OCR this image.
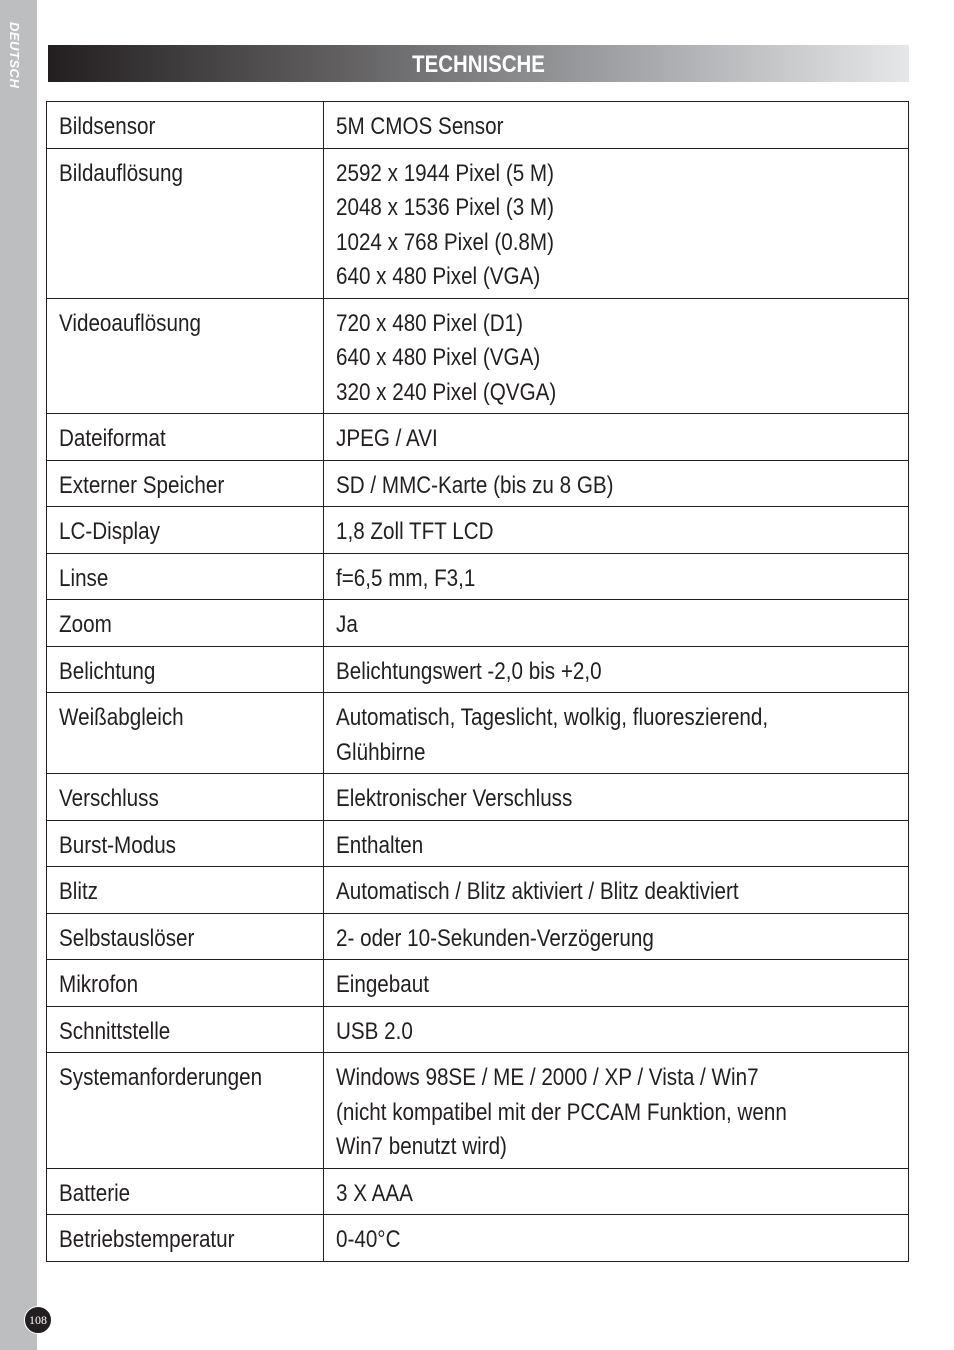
DEUTSCH	TECHNISCHE
Bildsensor	5M CMOS Sensor
Bildauflösung	2592 x 1944 Pixel (5 M)
2048 x 1536 Pixel (3 M)
1024 x 768 Pixel (0.8M)
640 x 480 Pixel (VGA)
Videoauflösung	720 x 480 Pixel (D1)
640 x 480 Pixel (VGA)
320 x 240 Pixel (QVGA)
Dateiformat	JPEG / AVI
Externer Speicher	SD / MMC-Karte (bis zu 8 GB)
LC-Display	1,8 Zoll TFT LCD
Linse	f=6,5 mm, F3,1
Zoom	Ja
Belichtung	Belichtungswert -2,0 bis +2,0
Weißabgleich	Automatisch, Tageslicht, wolkig, fluoreszierend,
Glühbirne
Verschluss	Elektronischer Verschluss
Burst-Modus	Enthalten
Blitz	Automatisch / Blitz aktiviert / Blitz deaktiviert
Selbstauslöser	2- oder 10-Sekunden-Verzögerung
Mikrofon	Eingebaut
Schnittstelle	USB 2.0
Systemanforderungen	Windows 98SE / ME / 2000 / XP / Vista / Win7
(nicht kompatibel mit der PCCAM Funktion, wenn
Win7 benutzt wird)
Batterie	3 X AAA
Betriebstemperatur	0-40°C
108
